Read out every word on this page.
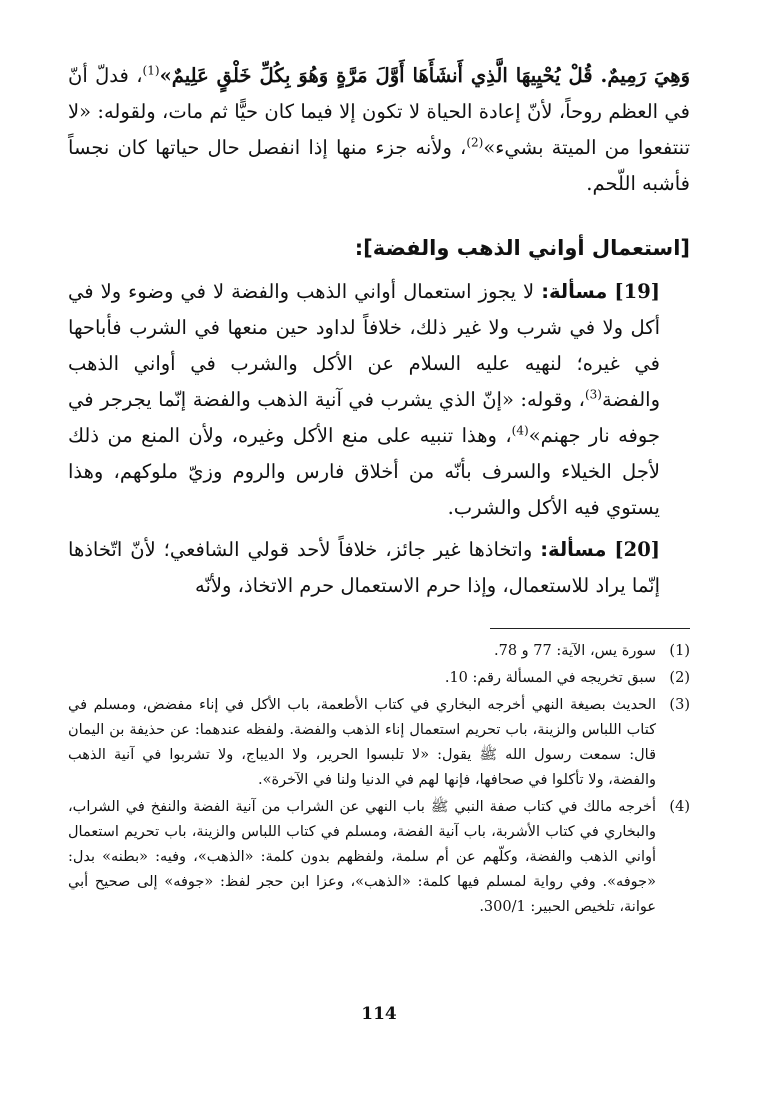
وَهِيَ رَمِيمٌ. قُلْ يُحْيِيهَا الَّذِي أَنشَأَهَا أَوَّلَ مَرَّةٍ وَهُوَ بِكُلِّ خَلْقٍ عَلِيمٌ»$^{(1)}$، فدلّ أنّ في العظم روحاً، لأنّ إعادة الحياة لا تكون إلا فيما كان حيًّا ثم مات، ولقوله: «لا تنتفعوا من الميتة بشيء»$^{(2)}$، ولأنه جزء منها إذا انفصل حال حياتها كان نجساً فأشبه اللّحم.

[استعمال أواني الذهب والفضة]:

[19] مسألة: لا يجوز استعمال أواني الذهب والفضة لا في وضوء ولا في أكل ولا في شرب ولا غير ذلك، خلافاً لداود حين منعها في الشرب فأباحها في غيره؛ لنهيه عليه السلام عن الأكل والشرب في أواني الذهب والفضة$^{(3)}$، وقوله: «إنّ الذي يشرب في آنية الذهب والفضة إنّما يجرجر في جوفه نار جهنم»$^{(4)}$، وهذا تنبيه على منع الأكل وغيره، ولأن المنع من ذلك لأجل الخيلاء والسرف بأنّه من أخلاق فارس والروم وزيّ ملوكهم، وهذا يستوي فيه الأكل والشرب.

[20] مسألة: واتخاذها غير جائز، خلافاً لأحد قولي الشافعي؛ لأنّ اتّخاذها إنّما يراد للاستعمال، وإذا حرم الاستعمال حرم الاتخاذ، ولأنّه

(1)
سورة يس، الآية: 77 و 78.
(2)
سبق تخريجه في المسألة رقم: 10.
(3)
الحديث بصيغة النهي أخرجه البخاري في كتاب الأطعمة، باب الأكل في إناء مفضض، ومسلم في كتاب اللباس والزينة، باب تحريم استعمال إناء الذهب والفضة. ولفظه عندهما: عن حذيفة بن اليمان قال: سمعت رسول الله ﷺ يقول: «لا تلبسوا الحرير، ولا الديباج، ولا تشربوا في آنية الذهب والفضة، ولا تأكلوا في صحافها، فإنها لهم في الدنيا ولنا في الآخرة».
(4)
أخرجه مالك في كتاب صفة النبي ﷺ باب النهي عن الشراب من آنية الفضة والنفخ في الشراب، والبخاري في كتاب الأشربة، باب آنية الفضة، ومسلم في كتاب اللباس والزينة، باب تحريم استعمال أواني الذهب والفضة، وكلّهم عن أم سلمة، ولفظهم بدون كلمة: «الذهب»، وفيه: «بطنه» بدل: «جوفه». وفي رواية لمسلم فيها كلمة: «الذهب»، وعزا ابن حجر لفظ: «جوفه» إلى صحيح أبي عوانة، تلخيص الحبير: 300/1.
114
